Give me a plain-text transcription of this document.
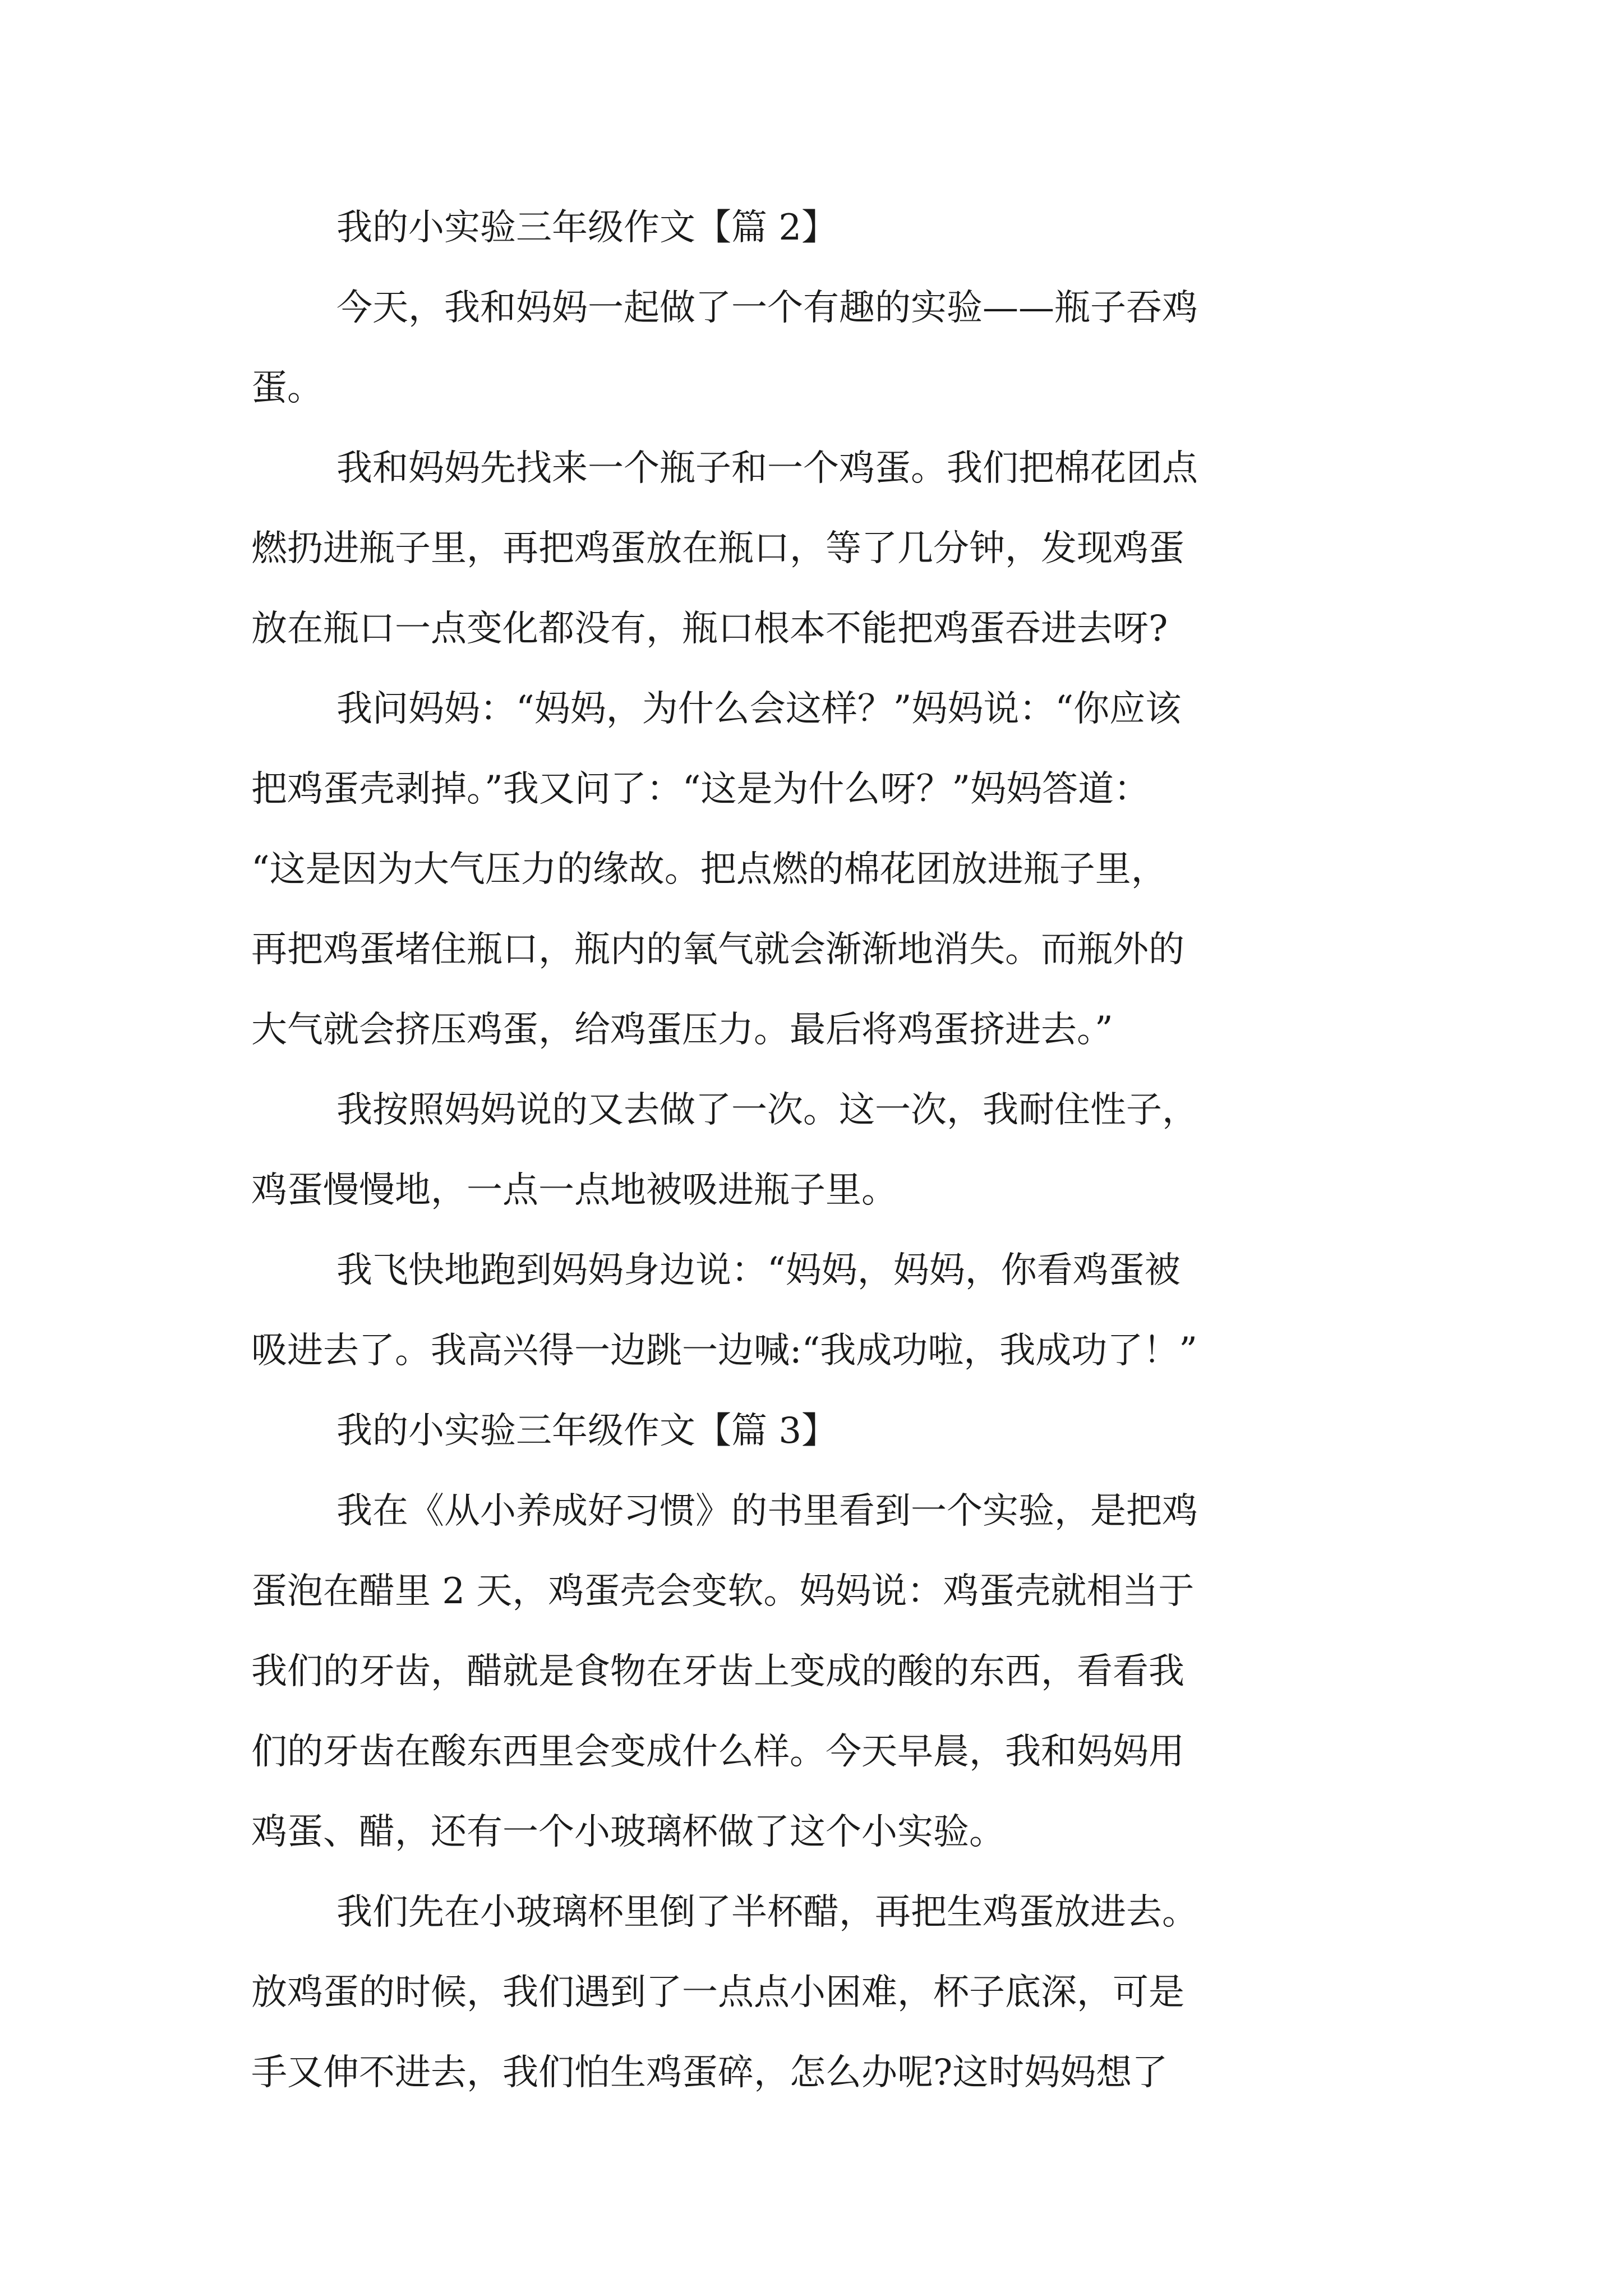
我的小实验三年级作文【篇 2】
今天，我和妈妈一起做了一个有趣的实验——瓶子吞鸡
蛋。
我和妈妈先找来一个瓶子和一个鸡蛋。我们把棉花团点
燃扔进瓶子里，再把鸡蛋放在瓶口，等了几分钟，发现鸡蛋
放在瓶口一点变化都没有，瓶口根本不能把鸡蛋吞进去呀?
我问妈妈：“妈妈，为什么会这样？”妈妈说：“你应该
把鸡蛋壳剥掉。”我又问了：“这是为什么呀？”妈妈答道：
“这是因为大气压力的缘故。把点燃的棉花团放进瓶子里，
再把鸡蛋堵住瓶口，瓶内的氧气就会渐渐地消失。而瓶外的
大气就会挤压鸡蛋，给鸡蛋压力。最后将鸡蛋挤进去。”
我按照妈妈说的又去做了一次。这一次，我耐住性子，
鸡蛋慢慢地，一点一点地被吸进瓶子里。
我飞快地跑到妈妈身边说：“妈妈，妈妈，你看鸡蛋被
吸进去了。我高兴得一边跳一边喊:“我成功啦，我成功了！”
我的小实验三年级作文【篇 3】
我在《从小养成好习惯》的书里看到一个实验，是把鸡
蛋泡在醋里 2 天，鸡蛋壳会变软。妈妈说：鸡蛋壳就相当于
我们的牙齿，醋就是食物在牙齿上变成的酸的东西，看看我
们的牙齿在酸东西里会变成什么样。今天早晨，我和妈妈用
鸡蛋、醋，还有一个小玻璃杯做了这个小实验。
我们先在小玻璃杯里倒了半杯醋，再把生鸡蛋放进去。
放鸡蛋的时候，我们遇到了一点点小困难，杯子底深，可是
手又伸不进去，我们怕生鸡蛋碎，怎么办呢?这时妈妈想了
